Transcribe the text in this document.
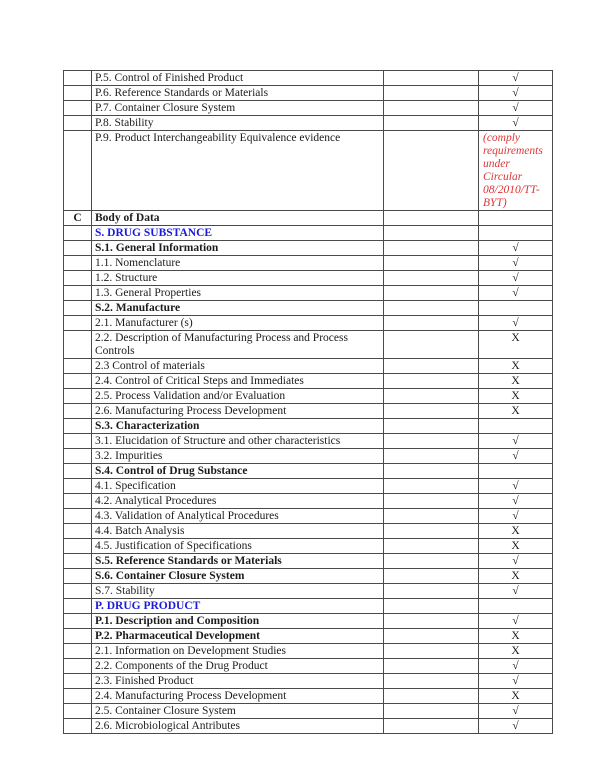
	P.5. Control of Finished Product		√
	P.6. Reference Standards or Materials		√
	P.7. Container Closure System		√
	P.8. Stability		√
	P.9. Product Interchangeability Equivalence evidence		(comply requirements under Circular 08/2010/TT-BYT)
C	Body of Data		
	S. DRUG SUBSTANCE		
	S.1. General Information		√
	1.1. Nomenclature		√
	1.2. Structure		√
	1.3. General Properties		√
	S.2. Manufacture		
	2.1. Manufacturer (s)		√
	2.2. Description of Manufacturing Process and Process Controls		X
	2.3 Control of materials		X
	2.4. Control of Critical Steps and Immediates		X
	2.5. Process Validation and/or Evaluation		X
	2.6. Manufacturing Process Development		X
	S.3. Characterization		
	3.1. Elucidation of Structure and other characteristics		√
	3.2. Impurities		√
	S.4. Control of Drug Substance		
	4.1. Specification		√
	4.2. Analytical Procedures		√
	4.3. Validation of Analytical Procedures		√
	4.4. Batch Analysis		X
	4.5. Justification of Specifications		X
	S.5. Reference Standards or Materials		√
	S.6. Container Closure System		X
	S.7. Stability		√
	P. DRUG PRODUCT		
	P.1. Description and Composition		√
	P.2. Pharmaceutical Development		X
	2.1. Information on Development Studies		X
	2.2. Components of the Drug Product		√
	2.3. Finished Product		√
	2.4. Manufacturing Process Development		X
	2.5. Container Closure System		√
	2.6. Microbiological Antributes		√
